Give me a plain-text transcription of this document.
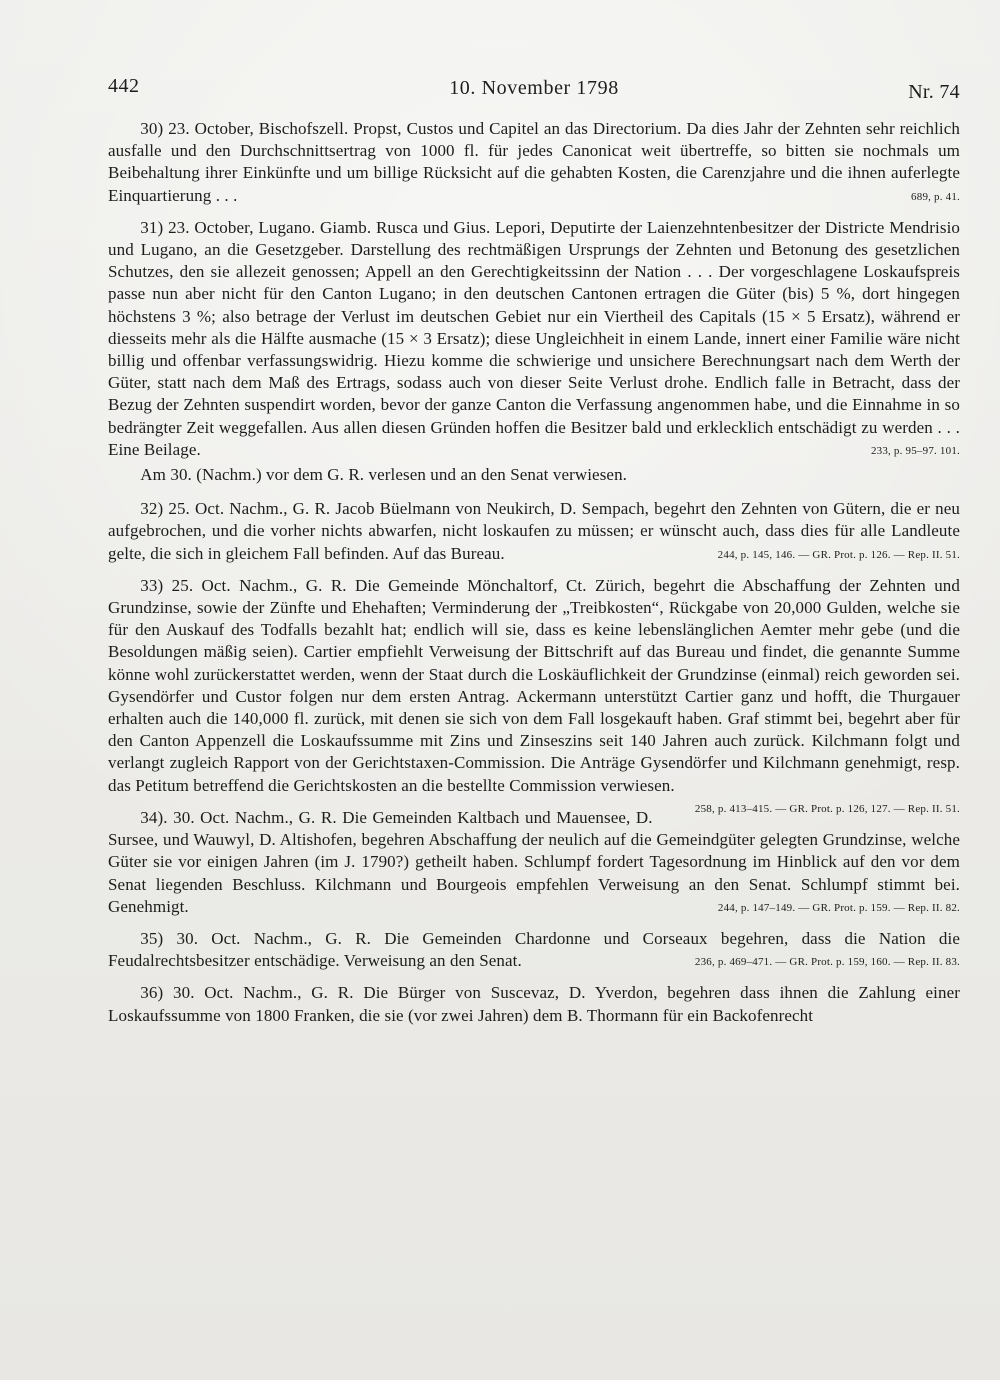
442	10. November 1798	Nr. 74

30) 23. October, Bischofszell. Propst, Custos und Capitel an das Directorium. Da dies Jahr der Zehnten sehr reichlich ausfalle und den Durchschnittsertrag von 1000 fl. für jedes Canonicat weit übertreffe, so bitten sie nochmals um Beibehaltung ihrer Einkünfte und um billige Rücksicht auf die gehabten Kosten, die Carenzjahre und die ihnen auferlegte Einquartierung . . .	689, p. 41.

31) 23. October, Lugano. Giamb. Rusca und Gius. Lepori, Deputirte der Laienzehntenbesitzer der Districte Mendrisio und Lugano, an die Gesetzgeber. Darstellung des rechtmäßigen Ursprungs der Zehnten und Betonung des gesetzlichen Schutzes, den sie allezeit genossen; Appell an den Gerechtigkeitssinn der Nation . . . Der vorgeschlagene Loskaufspreis passe nun aber nicht für den Canton Lugano; in den deutschen Cantonen ertragen die Güter (bis) 5 %, dort hingegen höchstens 3 %; also betrage der Verlust im deutschen Gebiet nur ein Viertheil des Capitals (15 × 5 Ersatz), während er diesseits mehr als die Hälfte ausmache (15 × 3 Ersatz); diese Ungleichheit in einem Lande, innert einer Familie wäre nicht billig und offenbar verfassungswidrig. Hiezu komme die schwierige und unsichere Berechnungsart nach dem Werth der Güter, statt nach dem Maß des Ertrags, sodass auch von dieser Seite Verlust drohe. Endlich falle in Betracht, dass der Bezug der Zehnten suspendirt worden, bevor der ganze Canton die Verfassung angenommen habe, und die Einnahme in so bedrängter Zeit weggefallen. Aus allen diesen Gründen hoffen die Besitzer bald und erklecklich entschädigt zu werden . . . Eine Beilage.	233, p. 95–97. 101.

Am 30. (Nachm.) vor dem G. R. verlesen und an den Senat verwiesen.

32) 25. Oct. Nachm., G. R. Jacob Büelmann von Neukirch, D. Sempach, begehrt den Zehnten von Gütern, die er neu aufgebrochen, und die vorher nichts abwarfen, nicht loskaufen zu müssen; er wünscht auch, dass dies für alle Landleute gelte, die sich in gleichem Fall befinden. Auf das Bureau.	244, p. 145, 146. — GR. Prot. p. 126. — Rep. II. 51.

33) 25. Oct. Nachm., G. R. Die Gemeinde Mönchaltorf, Ct. Zürich, begehrt die Abschaffung der Zehnten und Grundzinse, sowie der Zünfte und Ehehaften; Verminderung der „Treibkosten“, Rückgabe von 20,000 Gulden, welche sie für den Auskauf des Todfalls bezahlt hat; endlich will sie, dass es keine lebenslänglichen Aemter mehr gebe (und die Besoldungen mäßig seien). Cartier empfiehlt Verweisung der Bittschrift auf das Bureau und findet, die genannte Summe könne wohl zurückerstattet werden, wenn der Staat durch die Loskäuflichkeit der Grundzinse (einmal) reich geworden sei. Gysendörfer und Custor folgen nur dem ersten Antrag. Ackermann unterstützt Cartier ganz und hofft, die Thurgauer erhalten auch die 140,000 fl. zurück, mit denen sie sich von dem Fall losgekauft haben. Graf stimmt bei, begehrt aber für den Canton Appenzell die Loskaufssumme mit Zins und Zinseszins seit 140 Jahren auch zurück. Kilchmann folgt und verlangt zugleich Rapport von der Gerichtstaxen-Commission. Die Anträge Gysendörfer und Kilchmann genehmigt, resp. das Petitum betreffend die Gerichtskosten an die bestellte Commission verwiesen.
258, p. 413–415. — GR. Prot. p. 126, 127. — Rep. II. 51.

34). 30. Oct. Nachm., G. R. Die Gemeinden Kaltbach und Mauensee, D. Sursee, und Wauwyl, D. Altishofen, begehren Abschaffung der neulich auf die Gemeindgüter gelegten Grundzinse, welche Güter sie vor einigen Jahren (im J. 1790?) getheilt haben. Schlumpf fordert Tagesordnung im Hinblick auf den vor dem Senat liegenden Beschluss. Kilchmann und Bourgeois empfehlen Verweisung an den Senat. Schlumpf stimmt bei. Genehmigt.	244, p. 147–149. — GR. Prot. p. 159. — Rep. II. 82.

35) 30. Oct. Nachm., G. R. Die Gemeinden Chardonne und Corseaux begehren, dass die Nation die Feudalrechtsbesitzer entschädige. Verweisung an den Senat.	236, p. 469–471. — GR. Prot. p. 159, 160. — Rep. II. 83.

36) 30. Oct. Nachm., G. R. Die Bürger von Suscevaz, D. Yverdon, begehren dass ihnen die Zahlung einer Loskaufssumme von 1800 Franken, die sie (vor zwei Jahren) dem B. Thormann für ein Backofenrecht
